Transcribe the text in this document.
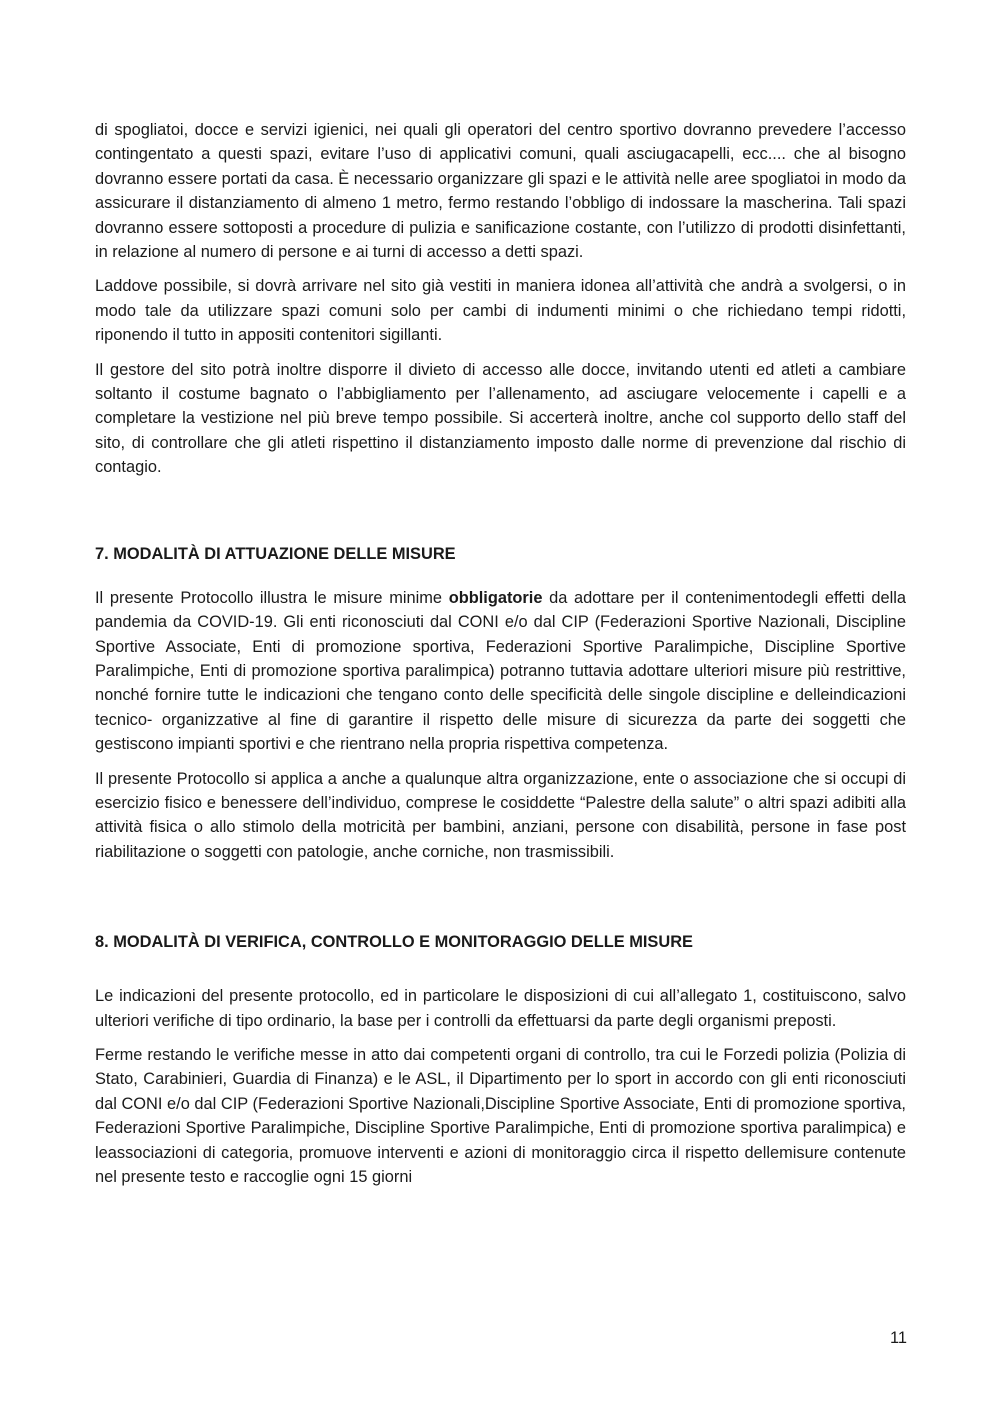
di spogliatoi, docce e servizi igienici, nei quali gli operatori del centro sportivo dovranno prevedere l’accesso contingentato a questi spazi, evitare l’uso di applicativi comuni, quali asciugacapelli, ecc.... che al bisogno dovranno essere portati da casa. È necessario organizzare gli spazi e le attività nelle aree spogliatoi in modo da assicurare il distanziamento di almeno 1 metro, fermo restando l’obbligo di indossare la mascherina. Tali spazi dovranno essere sottoposti a procedure di pulizia e sanificazione costante, con l’utilizzo di prodotti disinfettanti, in relazione al numero di persone e ai turni di accesso a detti spazi.

Laddove possibile, si dovrà arrivare nel sito già vestiti in maniera idonea all’attività che andrà a svolgersi, o in modo tale da utilizzare spazi comuni solo per cambi di indumenti minimi o che richiedano tempi ridotti, riponendo il tutto in appositi contenitori sigillanti.

Il gestore del sito potrà inoltre disporre il divieto di accesso alle docce, invitando utenti ed atleti a cambiare soltanto il costume bagnato o l’abbigliamento per l’allenamento, ad asciugare velocemente i capelli e a completare la vestizione nel più breve tempo possibile. Si accerterà inoltre, anche col supporto dello staff del sito, di controllare che gli atleti rispettino il distanziamento imposto dalle norme di prevenzione dal rischio di contagio.

7. MODALITÀ DI ATTUAZIONE DELLE MISURE

Il presente Protocollo illustra le misure minime obbligatorie da adottare per il contenimentodegli effetti della pandemia da COVID-19. Gli enti riconosciuti dal CONI e/o dal CIP (Federazioni Sportive Nazionali, Discipline Sportive Associate, Enti di promozione sportiva, Federazioni Sportive Paralimpiche, Discipline Sportive Paralimpiche, Enti di promozione sportiva paralimpica) potranno tuttavia adottare ulteriori misure più restrittive, nonché fornire tutte le indicazioni che tengano conto delle specificità delle singole discipline e delleindicazioni tecnico- organizzative al fine di garantire il rispetto delle misure di sicurezza da parte dei soggetti che gestiscono impianti sportivi e che rientrano nella propria rispettiva competenza.

Il presente Protocollo si applica a anche a qualunque altra organizzazione, ente o associazione che si occupi di esercizio fisico e benessere dell’individuo, comprese le cosiddette “Palestre della salute” o altri spazi adibiti alla attività fisica o allo stimolo della motricità per bambini, anziani, persone con disabilità, persone in fase post riabilitazione o soggetti con patologie, anche corniche, non trasmissibili.

8. MODALITÀ DI VERIFICA, CONTROLLO E MONITORAGGIO DELLE MISURE

Le indicazioni del presente protocollo, ed in particolare le disposizioni di cui all’allegato 1, costituiscono, salvo ulteriori verifiche di tipo ordinario, la base per i controlli da effettuarsi da parte degli organismi preposti.

Ferme restando le verifiche messe in atto dai competenti organi di controllo, tra cui le Forzedi polizia (Polizia di Stato, Carabinieri, Guardia di Finanza) e le ASL, il Dipartimento per lo sport in accordo con gli enti riconosciuti dal CONI e/o dal CIP (Federazioni Sportive Nazionali,Discipline Sportive Associate, Enti di promozione sportiva, Federazioni Sportive Paralimpiche, Discipline Sportive Paralimpiche, Enti di promozione sportiva paralimpica) e leassociazioni di categoria, promuove interventi e azioni di monitoraggio circa il rispetto dellemisure contenute nel presente testo e raccoglie ogni 15 giorni

11
